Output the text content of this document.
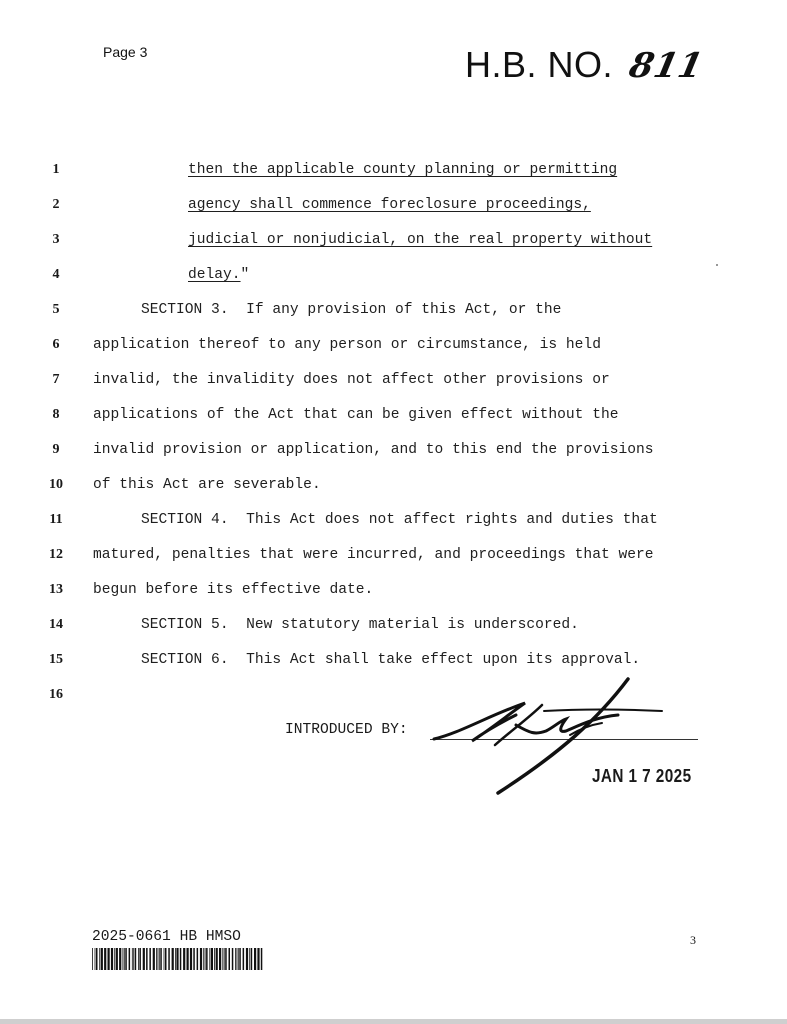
Page 3	H.B. NO. 811
1	then the applicable county planning or permitting
2	agency shall commence foreclosure proceedings,
3	judicial or nonjudicial, on the real property without
4	delay."
5	SECTION 3.  If any provision of this Act, or the
6	application thereof to any person or circumstance, is held
7	invalid, the invalidity does not affect other provisions or
8	applications of the Act that can be given effect without the
9	invalid provision or application, and to this end the provisions
10	of this Act are severable.
11	SECTION 4.  This Act does not affect rights and duties that
12	matured, penalties that were incurred, and proceedings that were
13	begun before its effective date.
14	SECTION 5.  New statutory material is underscored.
15	SECTION 6.  This Act shall take effect upon its approval.
16
INTRODUCED BY:
JAN 1 7 2025
2025-0661 HB HMSO	3
